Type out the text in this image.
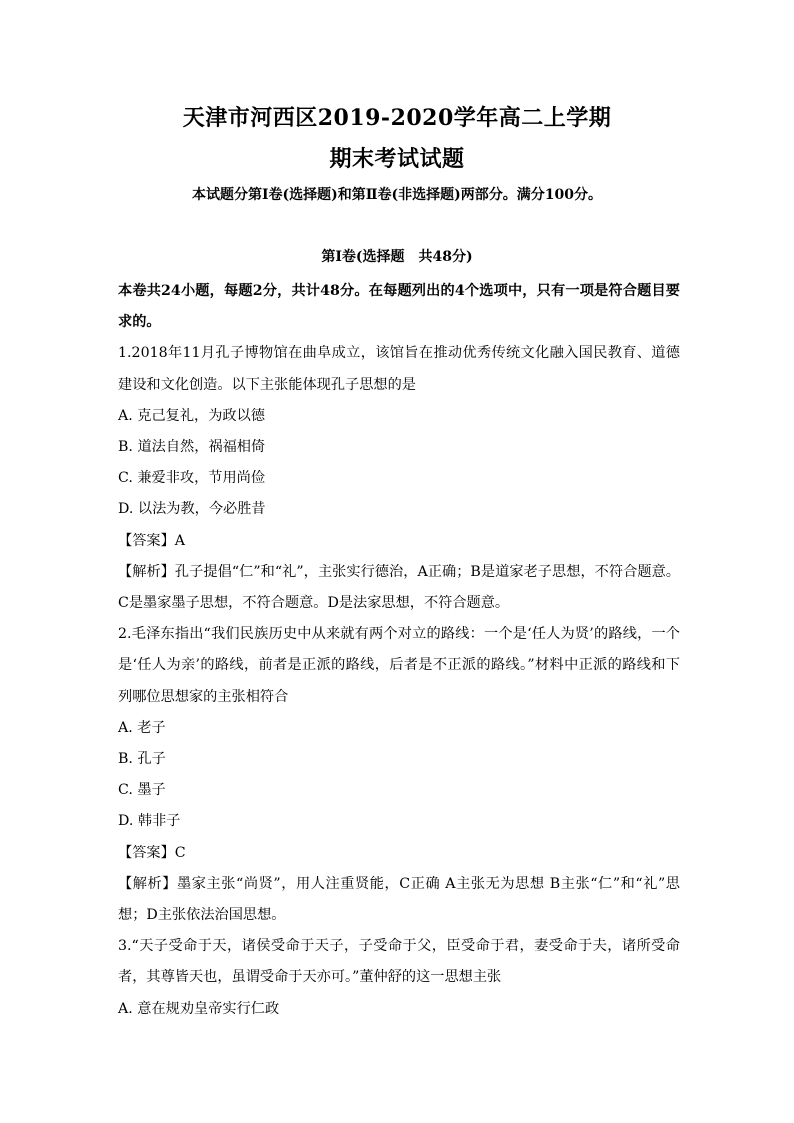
天津市河西区2019-2020学年高二上学期
期末考试试题
本试题分第Ⅰ卷(选择题)和第Ⅱ卷(非选择题)两部分。满分100分。
第Ⅰ卷(选择题　共48分)

本卷共24小题，每题2分，共计48分。在每题列出的4个选项中，只有一项是符合题目要求的。

1.2018年11月孔子博物馆在曲阜成立，该馆旨在推动优秀传统文化融入国民教育、道德建设和文化创造。以下主张能体现孔子思想的是

A. 克己复礼，为政以德

B. 道法自然，祸福相倚

C. 兼爱非攻，节用尚俭

D. 以法为教，今必胜昔

【答案】A

【解析】孔子提倡“仁”和“礼”，主张实行德治，A正确；B是道家老子思想，不符合题意。C是墨家墨子思想，不符合题意。D是法家思想，不符合题意。

2.毛泽东指出“我们民族历史中从来就有两个对立的路线：一个是‘任人为贤’的路线，一个是‘任人为亲’的路线，前者是正派的路线，后者是不正派的路线。”材料中正派的路线和下列哪位思想家的主张相符合

A. 老子

B. 孔子

C. 墨子

D. 韩非子

【答案】C

【解析】墨家主张“尚贤”，用人注重贤能，C正确 A主张无为思想 B主张“仁”和“礼”思想；D主张依法治国思想。

3.“天子受命于天，诸侯受命于天子，子受命于父，臣受命于君，妻受命于夫，诸所受命者，其尊皆天也，虽谓受命于天亦可。”董仲舒的这一思想主张

A. 意在规劝皇帝实行仁政
